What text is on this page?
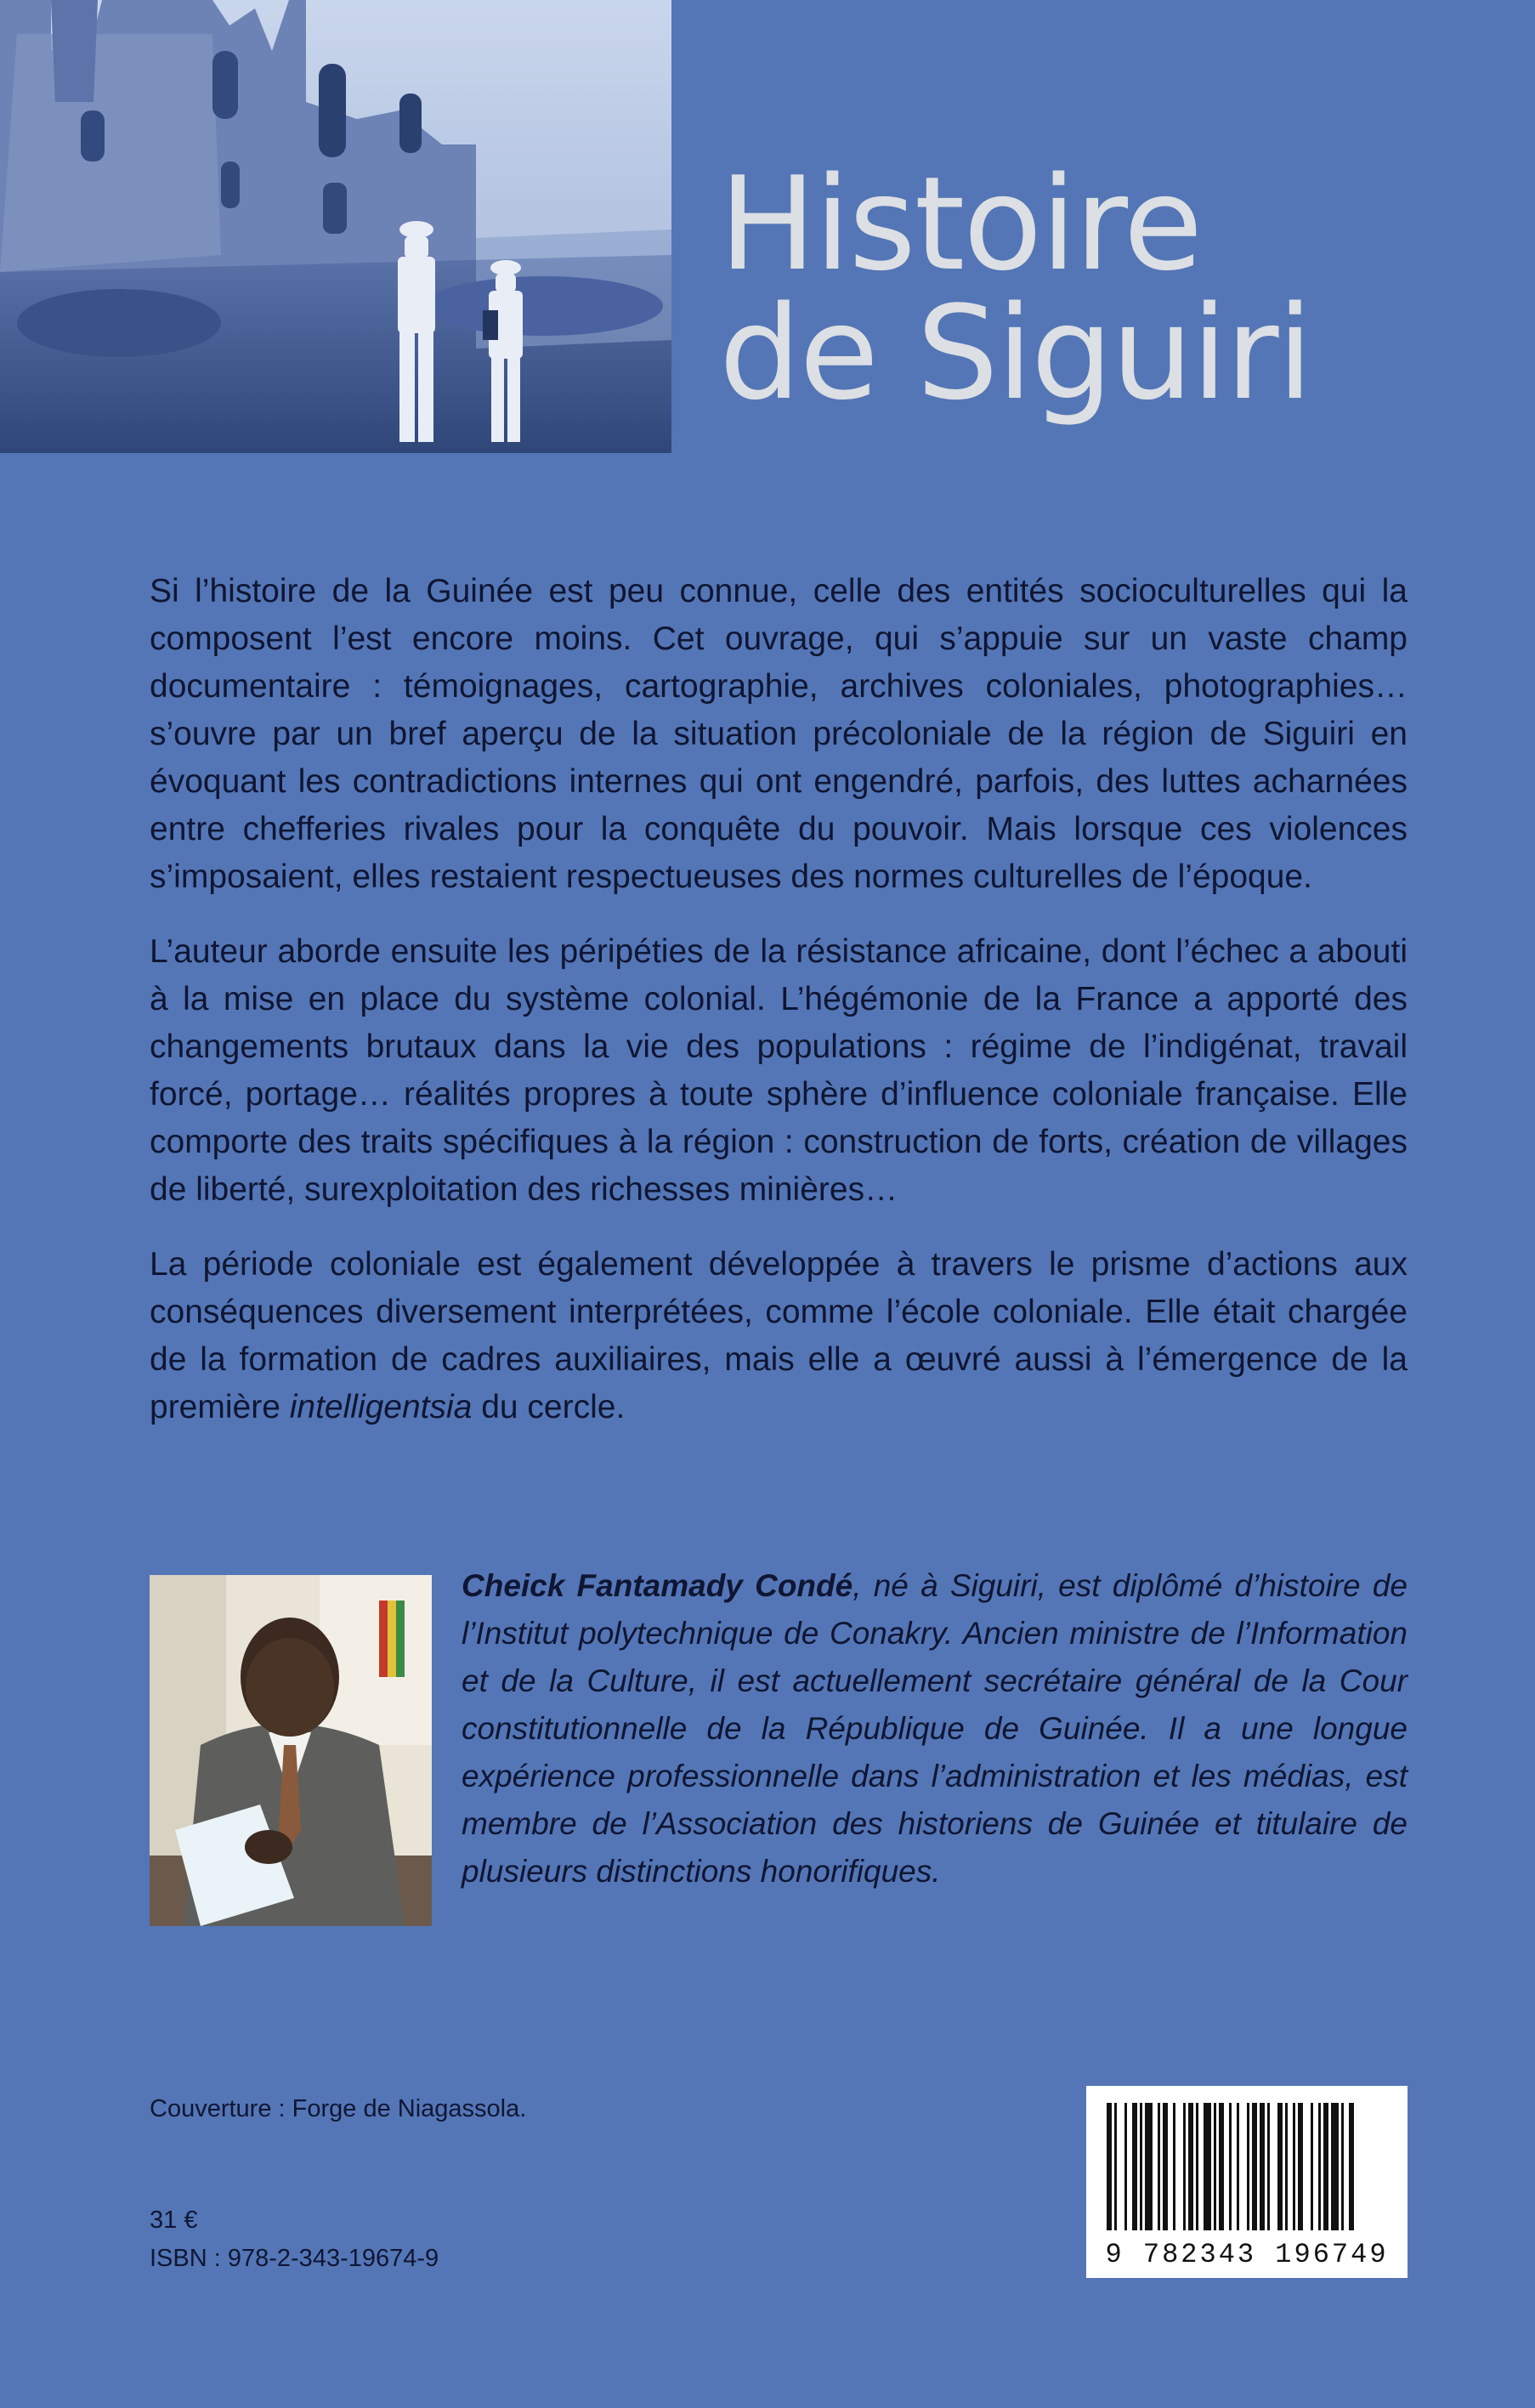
Histoire
de Siguiri

Si l’histoire de la Guinée est peu connue, celle des entités socioculturelles qui la composent l’est encore moins. Cet ouvrage, qui s’appuie sur un vaste champ documentaire : témoignages, cartographie, archives coloniales, photographies… s’ouvre par un bref aperçu de la situation précoloniale de la région de Siguiri en évoquant les contradictions internes qui ont engendré, parfois, des luttes acharnées entre chefferies rivales pour la conquête du pouvoir. Mais lorsque ces violences s’imposaient, elles restaient respectueuses des normes culturelles de l’époque.

L’auteur aborde ensuite les péripéties de la résistance africaine, dont l’échec a abouti à la mise en place du système colonial. L’hégémonie de la France a apporté des changements brutaux dans la vie des populations : régime de l’indigénat, travail forcé, portage… réalités propres à toute sphère d’influence coloniale française. Elle comporte des traits spécifiques à la région : construction de forts, création de villages de liberté, surexploitation des richesses minières…

La période coloniale est également développée à travers le prisme d’actions aux conséquences diversement interprétées, comme l’école coloniale. Elle était chargée de la formation de cadres auxiliaires, mais elle a œuvré aussi à l’émergence de la première intelligentsia du cercle.

Cheick Fantamady Condé, né à Siguiri, est diplômé d’histoire de l’Institut polytechnique de Conakry. Ancien ministre de l’Information et de la Culture, il est actuellement secrétaire général de la Cour constitutionnelle de la République de Guinée. Il a une longue expérience professionnelle dans l’administration et les médias, est membre de l’Association des historiens de Guinée et titulaire de plusieurs distinctions honorifiques.
Couverture : Forge de Niagassola.
31 €
ISBN : 978-2-343-19674-9	9 782343 196749
